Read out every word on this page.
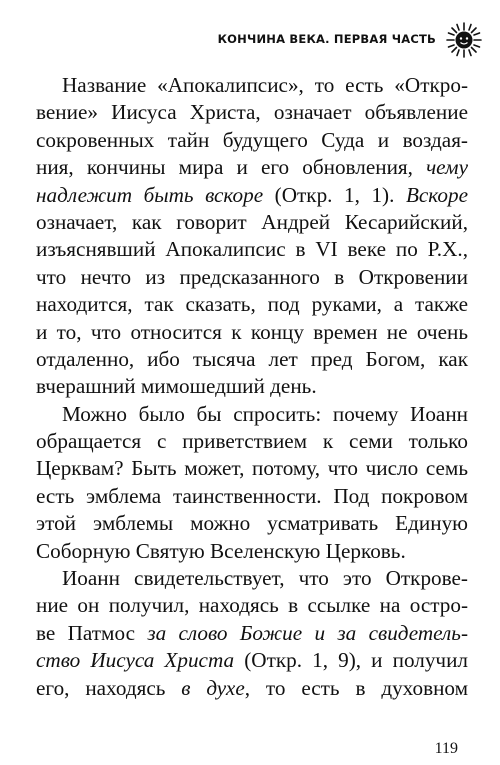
КОНЧИНА ВЕКА. ПЕРВАЯ ЧАСТЬ
Название «Апокалипсис», то есть «Откро-
вение» Иисуса Христа, означает объявление
сокровенных тайн будущего Суда и воздая-
ния, кончины мира и его обновления, чему
надлежит быть вскоре (Откр. 1, 1). Вскоре
означает, как говорит Андрей Кесарийский,
изъяснявший Апокалипсис в VI веке по Р.Х.,
что нечто из предсказанного в Откровении
находится, так сказать, под руками, а также
и то, что относится к концу времен не очень
отдаленно, ибо тысяча лет пред Богом, как
вчерашний мимошедший день.
Можно было бы спросить: почему Иоанн
обращается с приветствием к семи только
Церквам? Быть может, потому, что число семь
есть эмблема таинственности. Под покровом
этой эмблемы можно усматривать Единую
Соборную Святую Вселенскую Церковь.
Иоанн свидетельствует, что это Открове-
ние он получил, находясь в ссылке на остро-
ве Патмос за слово Божие и за свидетель-
ство Иисуса Христа (Откр. 1, 9), и получил
его, находясь в духе, то есть в духовном
119
